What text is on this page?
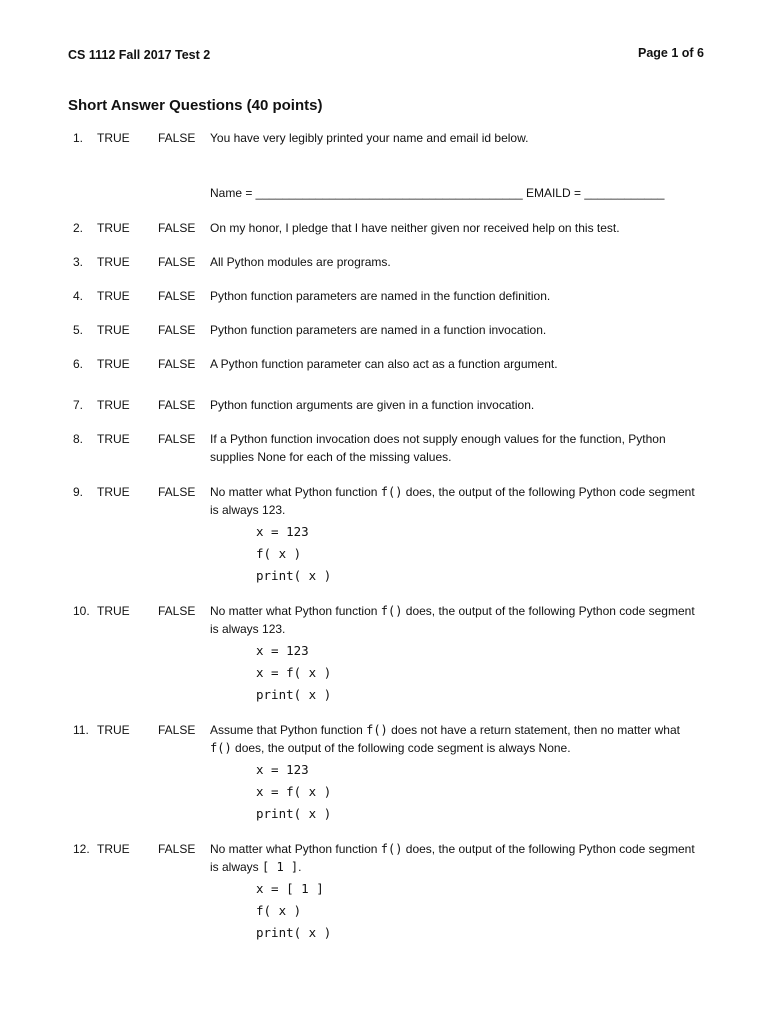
CS 1112 Fall 2017 Test 2	Page 1 of 6
Short Answer Questions (40 points)
1. TRUE FALSE You have very legibly printed your name and email id below.
Name = ________________________________________ EMAILD = ____________
2. TRUE FALSE On my honor, I pledge that I have neither given nor received help on this test.
3. TRUE FALSE All Python modules are programs.
4. TRUE FALSE Python function parameters are named in the function definition.
5. TRUE FALSE Python function parameters are named in a function invocation.
6. TRUE FALSE A Python function parameter can also act as a function argument.
7. TRUE FALSE Python function arguments are given in a function invocation.
8. TRUE FALSE If a Python function invocation does not supply enough values for the function, Python supplies None for each of the missing values.
9. TRUE FALSE No matter what Python function f() does, the output of the following Python code segment is always 123.
x = 123
f( x )
print( x )
10. TRUE FALSE No matter what Python function f() does, the output of the following Python code segment is always 123.
x = 123
x = f( x )
print( x )
11. TRUE FALSE Assume that Python function f() does not have a return statement, then no matter what f() does, the output of the following code segment is always None.
x = 123
x = f( x )
print( x )
12. TRUE FALSE No matter what Python function f() does, the output of the following Python code segment is always [ 1 ].
x = [ 1 ]
f( x )
print( x )
